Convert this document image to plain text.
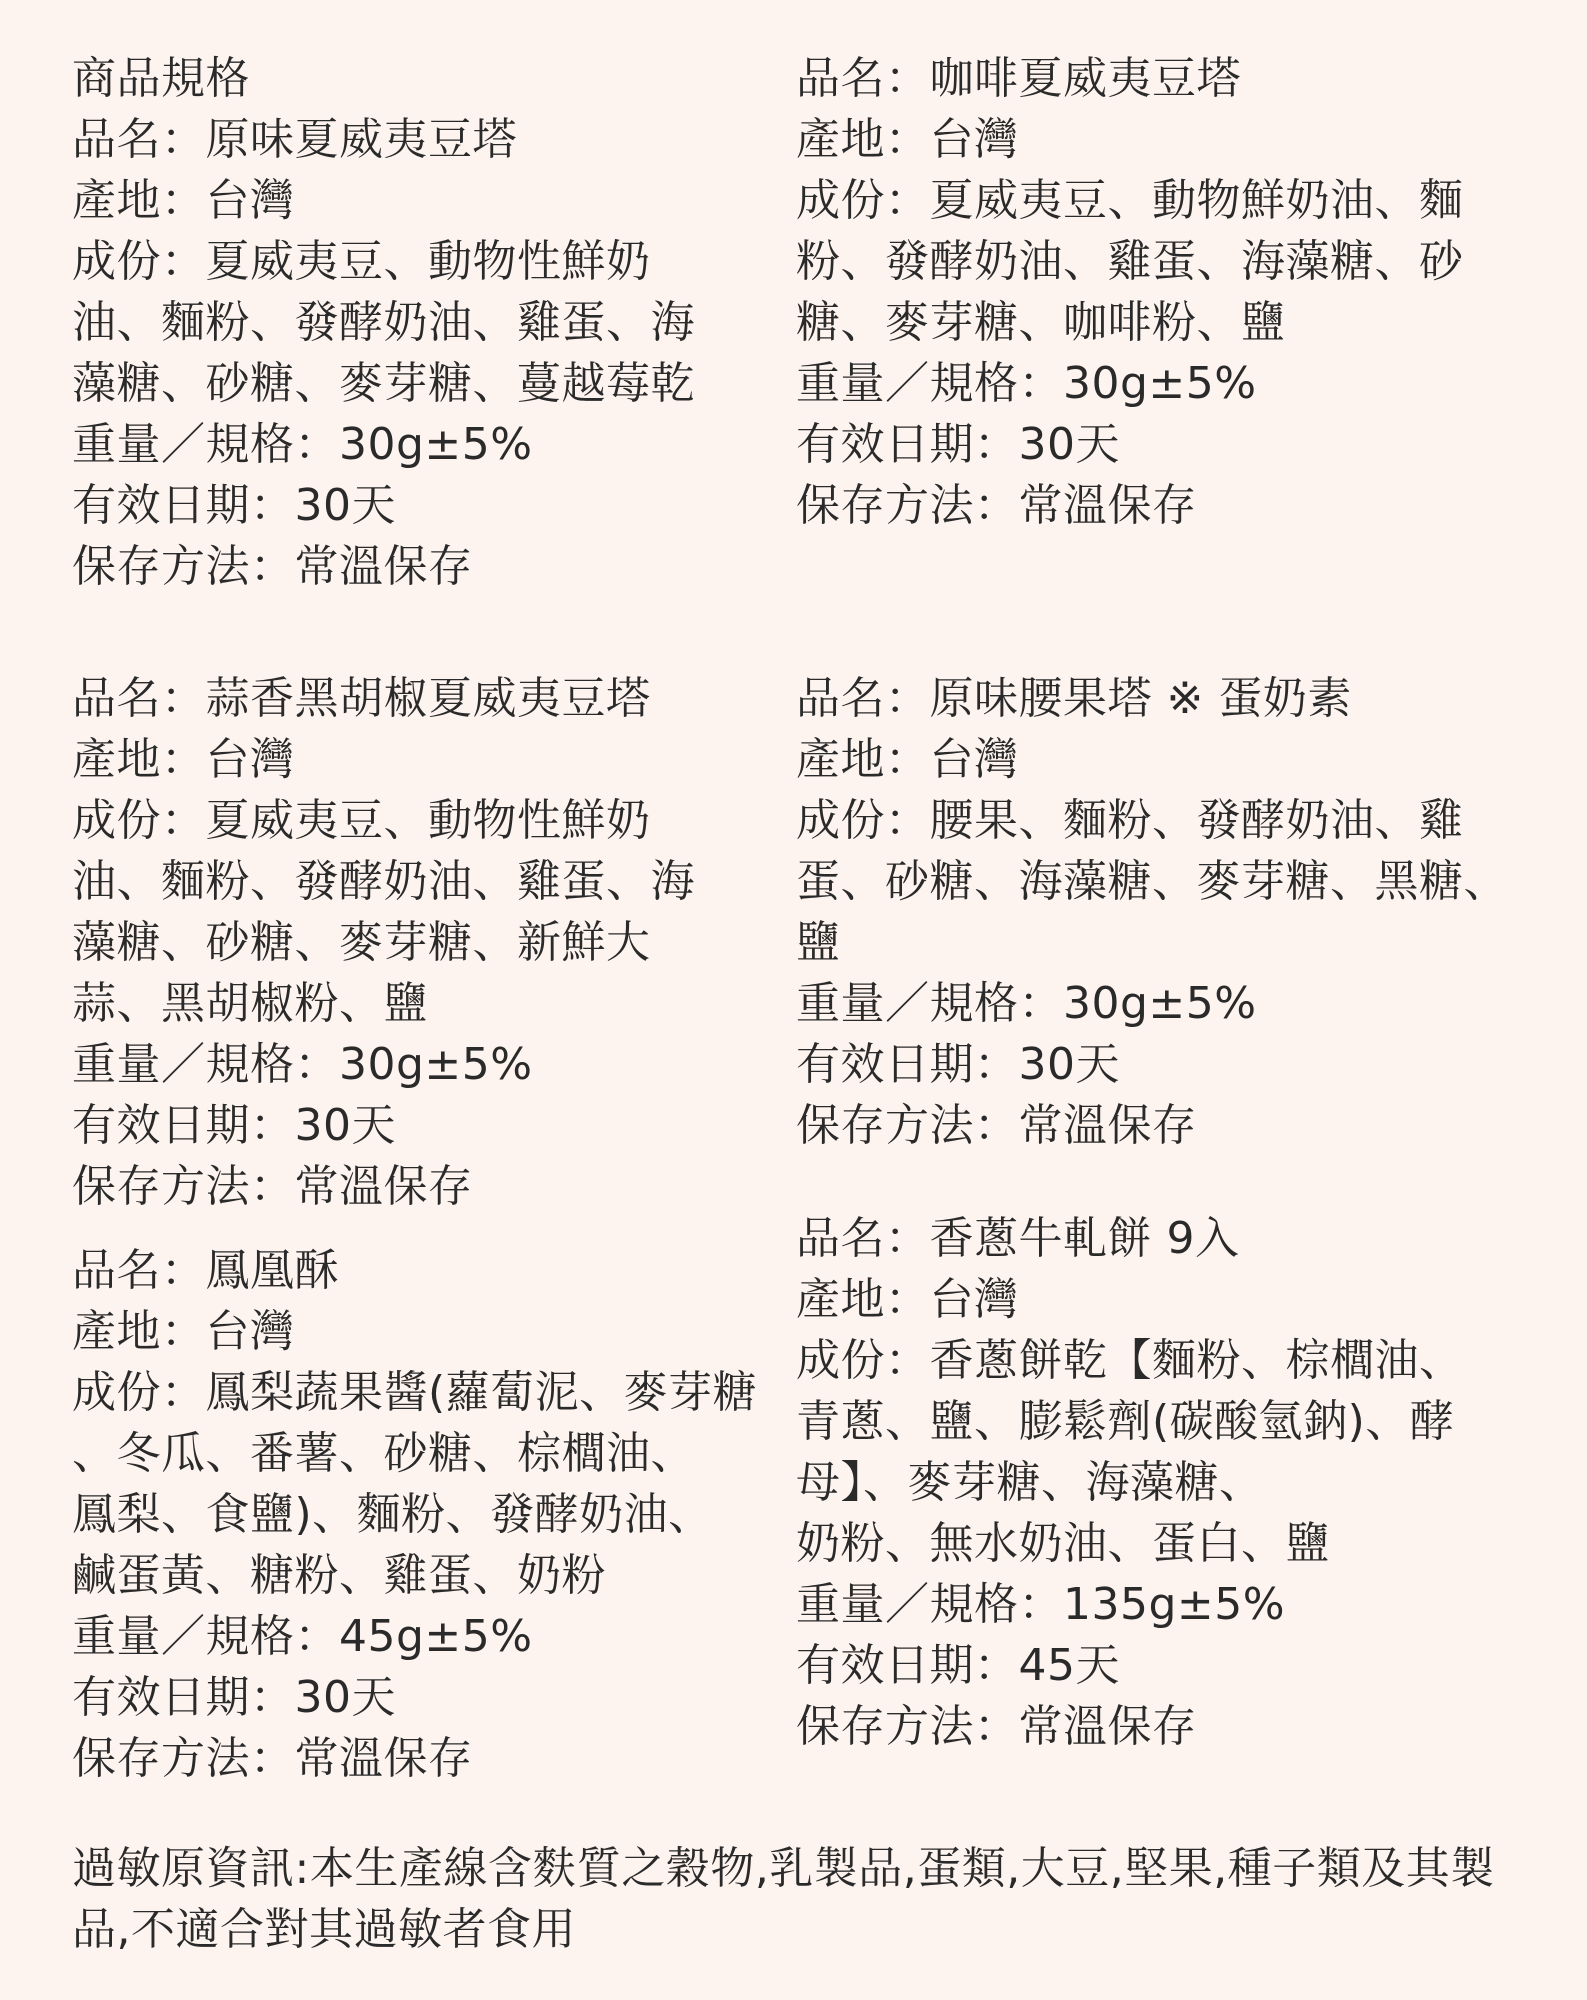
商品規格
品名：原味夏威夷豆塔
產地：台灣
成份：夏威夷豆、動物性鮮奶
油、麵粉、發酵奶油、雞蛋、海
藻糖、砂糖、麥芽糖、蔓越莓乾
重量／規格：30g±5%
有效日期：30天
保存方法：常溫保存
品名：咖啡夏威夷豆塔
產地：台灣
成份：夏威夷豆、動物鮮奶油、麵
粉、發酵奶油、雞蛋、海藻糖、砂
糖、麥芽糖、咖啡粉、鹽
重量／規格：30g±5%
有效日期：30天
保存方法：常溫保存
品名：蒜香黑胡椒夏威夷豆塔
產地：台灣
成份：夏威夷豆、動物性鮮奶
油、麵粉、發酵奶油、雞蛋、海
藻糖、砂糖、麥芽糖、新鮮大
蒜、黑胡椒粉、鹽
重量／規格：30g±5%
有效日期：30天
保存方法：常溫保存
品名：原味腰果塔 ※ 蛋奶素
產地：台灣
成份：腰果、麵粉、發酵奶油、雞
蛋、砂糖、海藻糖、麥芽糖、黑糖、
鹽
重量／規格：30g±5%
有效日期：30天
保存方法：常溫保存
品名：鳳凰酥
產地：台灣
成份：鳳梨蔬果醬(蘿蔔泥、麥芽糖
、冬瓜、番薯、砂糖、棕櫚油、
鳳梨、食鹽)、麵粉、發酵奶油、
鹹蛋黃、糖粉、雞蛋、奶粉
重量／規格：45g±5%
有效日期：30天
保存方法：常溫保存
品名：香蔥牛軋餅 9入
產地：台灣
成份：香蔥餅乾【麵粉、棕櫚油、
青蔥、鹽、膨鬆劑(碳酸氫鈉)、酵
母】、麥芽糖、海藻糖、
奶粉、無水奶油、蛋白、鹽
重量／規格：135g±5%
有效日期：45天
保存方法：常溫保存
過敏原資訊:本生產線含麩質之穀物,乳製品,蛋類,大豆,堅果,種子類及其製
品,不適合對其過敏者食用
